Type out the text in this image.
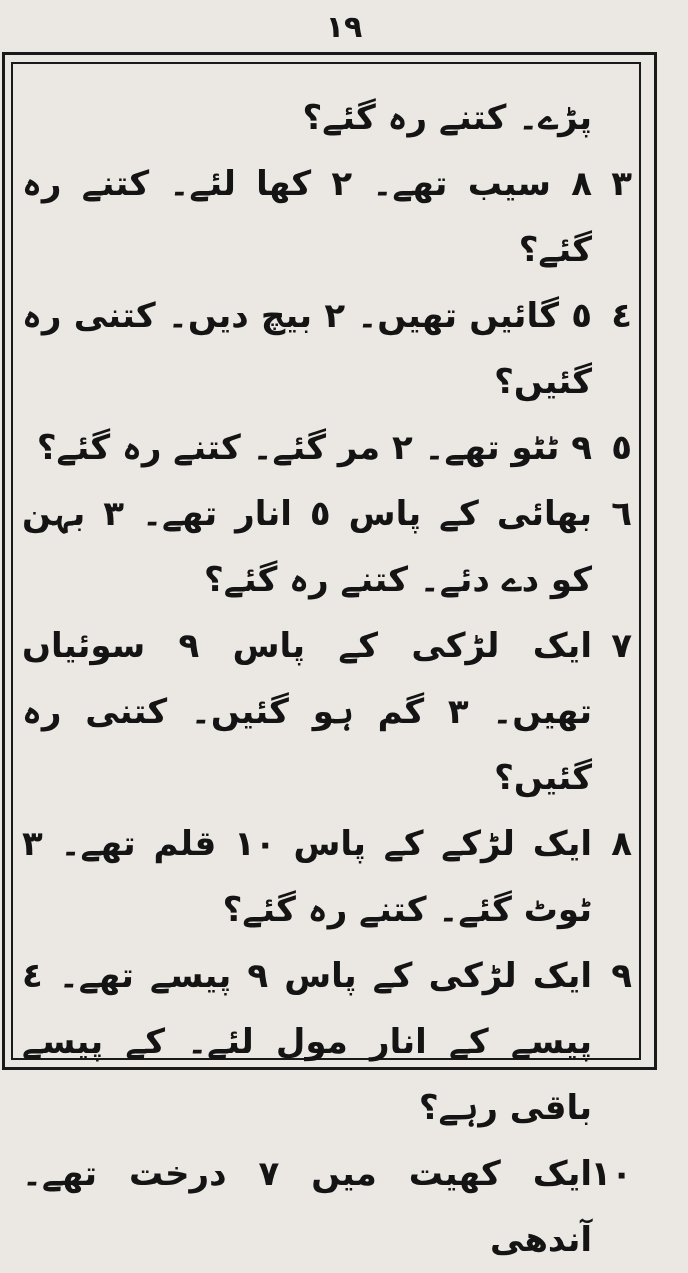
١٩
پڑے۔ کتنے رہ گئے؟
٣
٨ سیب تھے۔ ٢ کھا لئے۔ کتنے رہ گئے؟
٤
٥ گائیں تھیں۔ ٢ بیچ دیں۔ کتنی رہ گئیں؟
٥
٩ ٹٹو تھے۔ ٢ مر گئے۔ کتنے رہ گئے؟
٦
بھائی کے پاس ٥ انار تھے۔ ٣ بہن کو دے دئے۔ کتنے رہ گئے؟
٧
ایک لڑکی کے پاس ٩ سوئیاں تھیں۔ ٣ گم ہو گئیں۔ کتنی رہ گئیں؟
٨
ایک لڑکے کے پاس ١٠ قلم تھے۔ ٣ ٹوٹ گئے۔ کتنے رہ گئے؟
٩
ایک لڑکی کے پاس ٩ پیسے تھے۔ ٤ پیسے کے انار مول لئے۔ کے پیسے باقی رہے؟
١٠
ایک کھیت میں ٧ درخت تھے۔ آندھی
